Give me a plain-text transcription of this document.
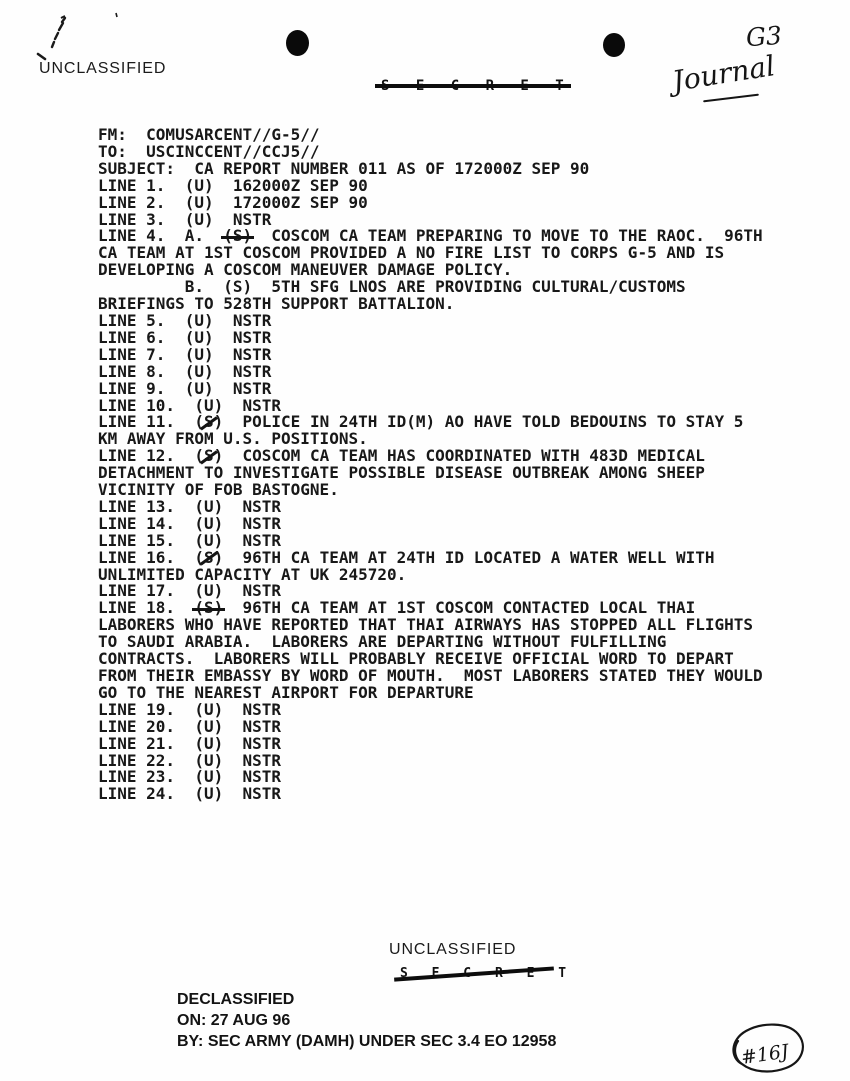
UNCLASSIFIED
S E C R E T
G3
Journal
FM:  COMUSARCENT//G-5//
TO:  USCINCCENT//CCJ5//
SUBJECT:  CA REPORT NUMBER 011 AS OF 172000Z SEP 90
LINE 1.  (U)  162000Z SEP 90
LINE 2.  (U)  172000Z SEP 90
LINE 3.  (U)  NSTR
LINE 4.  A.  (S)  COSCOM CA TEAM PREPARING TO MOVE TO THE RAOC.  96TH
CA TEAM AT 1ST COSCOM PROVIDED A NO FIRE LIST TO CORPS G-5 AND IS
DEVELOPING A COSCOM MANEUVER DAMAGE POLICY.
B.  (S)  5TH SFG LNOS ARE PROVIDING CULTURAL/CUSTOMS
BRIEFINGS TO 528TH SUPPORT BATTALION.
LINE 5.  (U)  NSTR
LINE 6.  (U)  NSTR
LINE 7.  (U)  NSTR
LINE 8.  (U)  NSTR
LINE 9.  (U)  NSTR
LINE 10.  (U)  NSTR
LINE 11.  (S)  POLICE IN 24TH ID(M) AO HAVE TOLD BEDOUINS TO STAY 5
KM AWAY FROM U.S. POSITIONS.
LINE 12.  (S)  COSCOM CA TEAM HAS COORDINATED WITH 483D MEDICAL
DETACHMENT TO INVESTIGATE POSSIBLE DISEASE OUTBREAK AMONG SHEEP
VICINITY OF FOB BASTOGNE.
LINE 13.  (U)  NSTR
LINE 14.  (U)  NSTR
LINE 15.  (U)  NSTR
LINE 16.  (S)  96TH CA TEAM AT 24TH ID LOCATED A WATER WELL WITH
UNLIMITED CAPACITY AT UK 245720.
LINE 17.  (U)  NSTR
LINE 18.  (S)  96TH CA TEAM AT 1ST COSCOM CONTACTED LOCAL THAI
LABORERS WHO HAVE REPORTED THAT THAI AIRWAYS HAS STOPPED ALL FLIGHTS
TO SAUDI ARABIA.  LABORERS ARE DEPARTING WITHOUT FULFILLING
CONTRACTS.  LABORERS WILL PROBABLY RECEIVE OFFICIAL WORD TO DEPART
FROM THEIR EMBASSY BY WORD OF MOUTH.  MOST LABORERS STATED THEY WOULD
GO TO THE NEAREST AIRPORT FOR DEPARTURE
LINE 19.  (U)  NSTR
LINE 20.  (U)  NSTR
LINE 21.  (U)  NSTR
LINE 22.  (U)  NSTR
LINE 23.  (U)  NSTR
LINE 24.  (U)  NSTR
UNCLASSIFIED
S E C R E T
DECLASSIFIED
ON: 27 AUG 96
BY: SEC ARMY (DAMH) UNDER SEC 3.4 EO 12958	#16J
